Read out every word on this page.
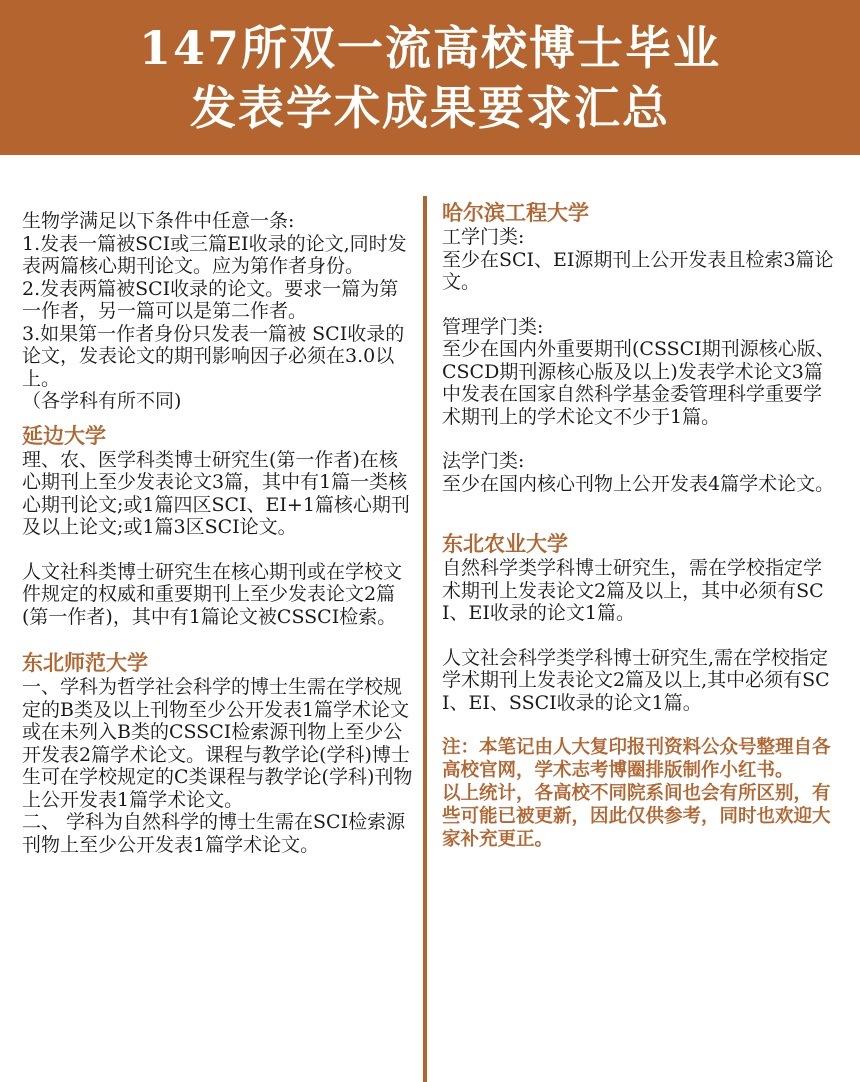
147所双一流高校博士毕业
发表学术成果要求汇总

生物学满足以下条件中任意一条:

1.发表一篇被SCI或三篇EI收录的论文,同时发表两篇核心期刊论文。应为第作者身份。

2.发表两篇被SCI收录的论文。要求一篇为第一作者，另一篇可以是第二作者。

3.如果第一作者身份只发表一篇被 SCI收录的论文，发表论文的期刊影响因子必须在3.0以上。

（各学科有所不同)

延边大学

理、农、医学科类博士研究生(第一作者)在核心期刊上至少发表论文3篇，其中有1篇一类核心期刊论文;或1篇四区SCI、EI+1篇核心期刊及以上论文;或1篇3区SCI论文。

人文社科类博士研究生在核心期刊或在学校文件规定的权威和重要期刊上至少发表论文2篇(第一作者)，其中有1篇论文被CSSCI检索。

东北师范大学

一、学科为哲学社会科学的博士生需在学校规定的B类及以上刊物至少公开发表1篇学术论文或在未列入B类的CSSCI检索源刊物上至少公开发表2篇学术论文。课程与教学论(学科)博士生可在学校规定的C类课程与教学论(学科)刊物上公开发表1篇学术论文。

二、 学科为自然科学的博士生需在SCI检索源刊物上至少公开发表1篇学术论文。

哈尔滨工程大学

工学门类:

至少在SCI、EI源期刊上公开发表且检索3篇论文。

管理学门类:

至少在国内外重要期刊(CSSCI期刊源核心版、CSCD期刊源核心版及以上)发表学术论文3篇中发表在国家自然科学基金委管理科学重要学术期刊上的学术论文不少于1篇。

法学门类:

至少在国内核心刊物上公开发表4篇学术论文。

东北农业大学

自然科学类学科博士研究生，需在学校指定学术期刊上发表论文2篇及以上，其中必须有SCI、EI收录的论文1篇。

人文社会科学类学科博士研究生,需在学校指定学术期刊上发表论文2篇及以上,其中必须有SCI、EI、SSCI收录的论文1篇。

注：本笔记由人大复印报刊资料公众号整理自各高校官网，学术志考博圈排版制作小红书。

以上统计，各高校不同院系间也会有所区别，有些可能已被更新，因此仅供参考，同时也欢迎大家补充更正。
